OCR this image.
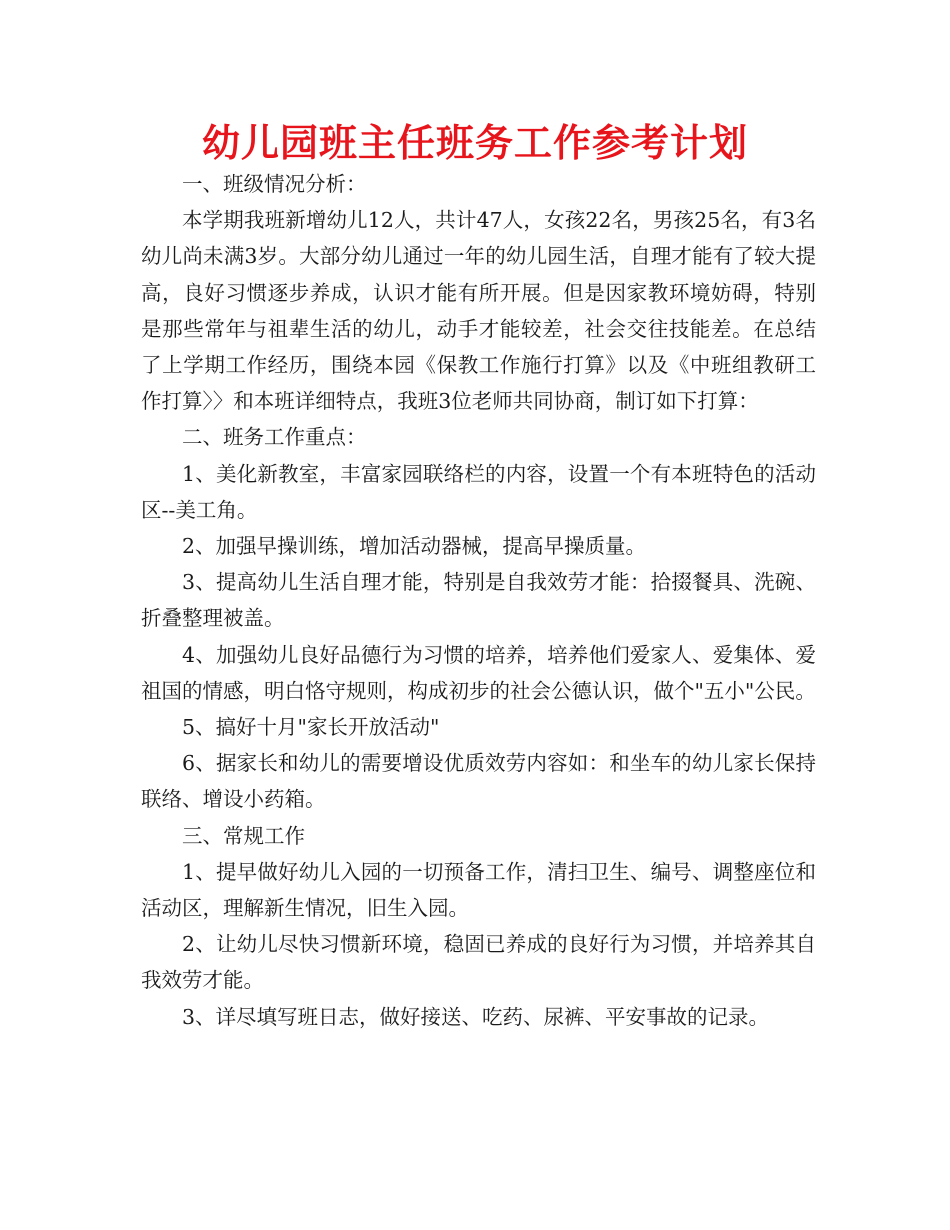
幼儿园班主任班务工作参考计划

一、班级情况分析：

本学期我班新增幼儿12人，共计47人，女孩22名，男孩25名，有3名幼儿尚未满3岁。大部分幼儿通过一年的幼儿园生活，自理才能有了较大提高，良好习惯逐步养成，认识才能有所开展。但是因家教环境妨碍，特别是那些常年与祖辈生活的幼儿，动手才能较差，社会交往技能差。在总结了上学期工作经历，围绕本园《保教工作施行打算》以及《中班组教研工作打算〉〉和本班详细特点，我班3位老师共同协商，制订如下打算：

二、班务工作重点：

1、美化新教室，丰富家园联络栏的内容，设置一个有本班特色的活动区--美工角。

2、加强早操训练，增加活动器械，提高早操质量。

3、提高幼儿生活自理才能，特别是自我效劳才能：拾掇餐具、洗碗、折叠整理被盖。

4、加强幼儿良好品德行为习惯的培养，培养他们爱家人、爱集体、爱祖国的情感，明白恪守规则，构成初步的社会公德认识，做个"五小"公民。

5、搞好十月"家长开放活动"

6、据家长和幼儿的需要增设优质效劳内容如：和坐车的幼儿家长保持联络、增设小药箱。

三、常规工作

1、提早做好幼儿入园的一切预备工作，清扫卫生、编号、调整座位和活动区，理解新生情况，旧生入园。

2、让幼儿尽快习惯新环境，稳固已养成的良好行为习惯，并培养其自我效劳才能。

3、详尽填写班日志，做好接送、吃药、尿裤、平安事故的记录。
